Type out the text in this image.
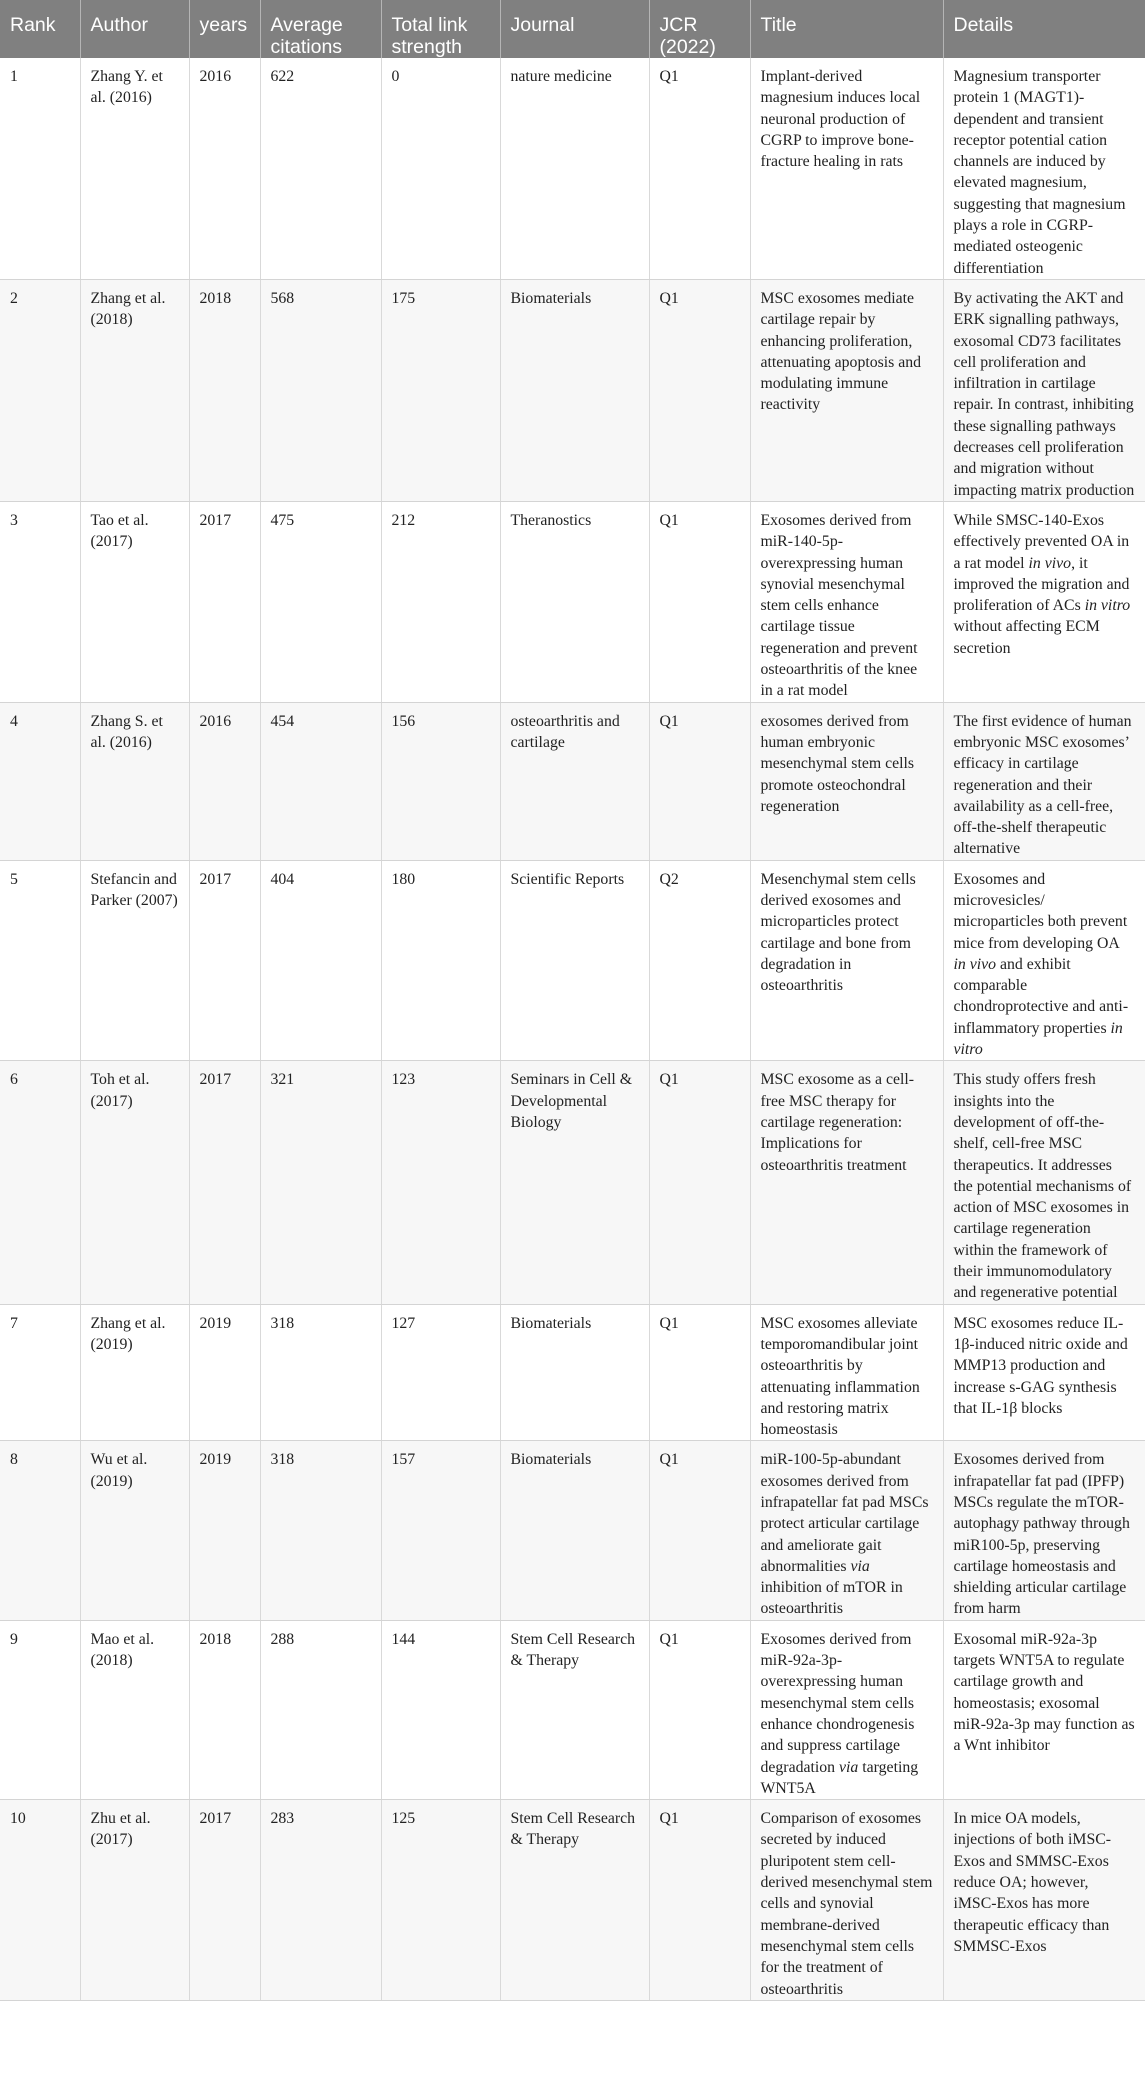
Rank	Author	years	Average citations	Total link strength	Journal	JCR (2022)	Title	Details
1	Zhang Y. et al. (2016)	2016	622	0	nature medicine	Q1	Implant-derived magnesium induces local neuronal production of CGRP to improve bone-fracture healing in rats	Magnesium transporter protein 1 (MAGT1)-dependent and transient receptor potential cation channels are induced by elevated magnesium, suggesting that magnesium plays a role in CGRP-mediated osteogenic differentiation
2	Zhang et al. (2018)	2018	568	175	Biomaterials	Q1	MSC exosomes mediate cartilage repair by enhancing proliferation, attenuating apoptosis and modulating immune reactivity	By activating the AKT and ERK signalling pathways, exosomal CD73 facilitates cell proliferation and infiltration in cartilage repair. In contrast, inhibiting these signalling pathways decreases cell proliferation and migration without impacting matrix production
3	Tao et al. (2017)	2017	475	212	Theranostics	Q1	Exosomes derived from miR-140-5p-overexpressing human synovial mesenchymal stem cells enhance cartilage tissue regeneration and prevent osteoarthritis of the knee in a rat model	While SMSC-140-Exos effectively prevented OA in a rat model in vivo, it improved the migration and proliferation of ACs in vitro without affecting ECM secretion
4	Zhang S. et al. (2016)	2016	454	156	osteoarthritis and cartilage	Q1	exosomes derived from human embryonic mesenchymal stem cells promote osteochondral regeneration	The first evidence of human embryonic MSC exosomes’ efficacy in cartilage regeneration and their availability as a cell-free, off-the-shelf therapeutic alternative
5	Stefancin and Parker (2007)	2017	404	180	Scientific Reports	Q2	Mesenchymal stem cells derived exosomes and microparticles protect cartilage and bone from degradation in osteoarthritis	Exosomes and microvesicles/ microparticles both prevent mice from developing OA in vivo and exhibit comparable chondroprotective and anti-inflammatory properties in vitro
6	Toh et al. (2017)	2017	321	123	Seminars in Cell & Developmental Biology	Q1	MSC exosome as a cell-free MSC therapy for cartilage regeneration: Implications for osteoarthritis treatment	This study offers fresh insights into the development of off-the-shelf, cell-free MSC therapeutics. It addresses the potential mechanisms of action of MSC exosomes in cartilage regeneration within the framework of their immunomodulatory and regenerative potential
7	Zhang et al. (2019)	2019	318	127	Biomaterials	Q1	MSC exosomes alleviate temporomandibular joint osteoarthritis by attenuating inflammation and restoring matrix homeostasis	MSC exosomes reduce IL-1β-induced nitric oxide and MMP13 production and increase s-GAG synthesis that IL-1β blocks
8	Wu et al. (2019)	2019	318	157	Biomaterials	Q1	miR-100-5p-abundant exosomes derived from infrapatellar fat pad MSCs protect articular cartilage and ameliorate gait abnormalities via inhibition of mTOR in osteoarthritis	Exosomes derived from infrapatellar fat pad (IPFP) MSCs regulate the mTOR-autophagy pathway through miR100-5p, preserving cartilage homeostasis and shielding articular cartilage from harm
9	Mao et al. (2018)	2018	288	144	Stem Cell Research & Therapy	Q1	Exosomes derived from miR-92a-3p-overexpressing human mesenchymal stem cells enhance chondrogenesis and suppress cartilage degradation via targeting WNT5A	Exosomal miR-92a-3p targets WNT5A to regulate cartilage growth and homeostasis; exosomal miR-92a-3p may function as a Wnt inhibitor
10	Zhu et al. (2017)	2017	283	125	Stem Cell Research & Therapy	Q1	Comparison of exosomes secreted by induced pluripotent stem cell-derived mesenchymal stem cells and synovial membrane-derived mesenchymal stem cells for the treatment of osteoarthritis	In mice OA models, injections of both iMSC-Exos and SMMSC-Exos reduce OA; however, iMSC-Exos has more therapeutic efficacy than SMMSC-Exos
